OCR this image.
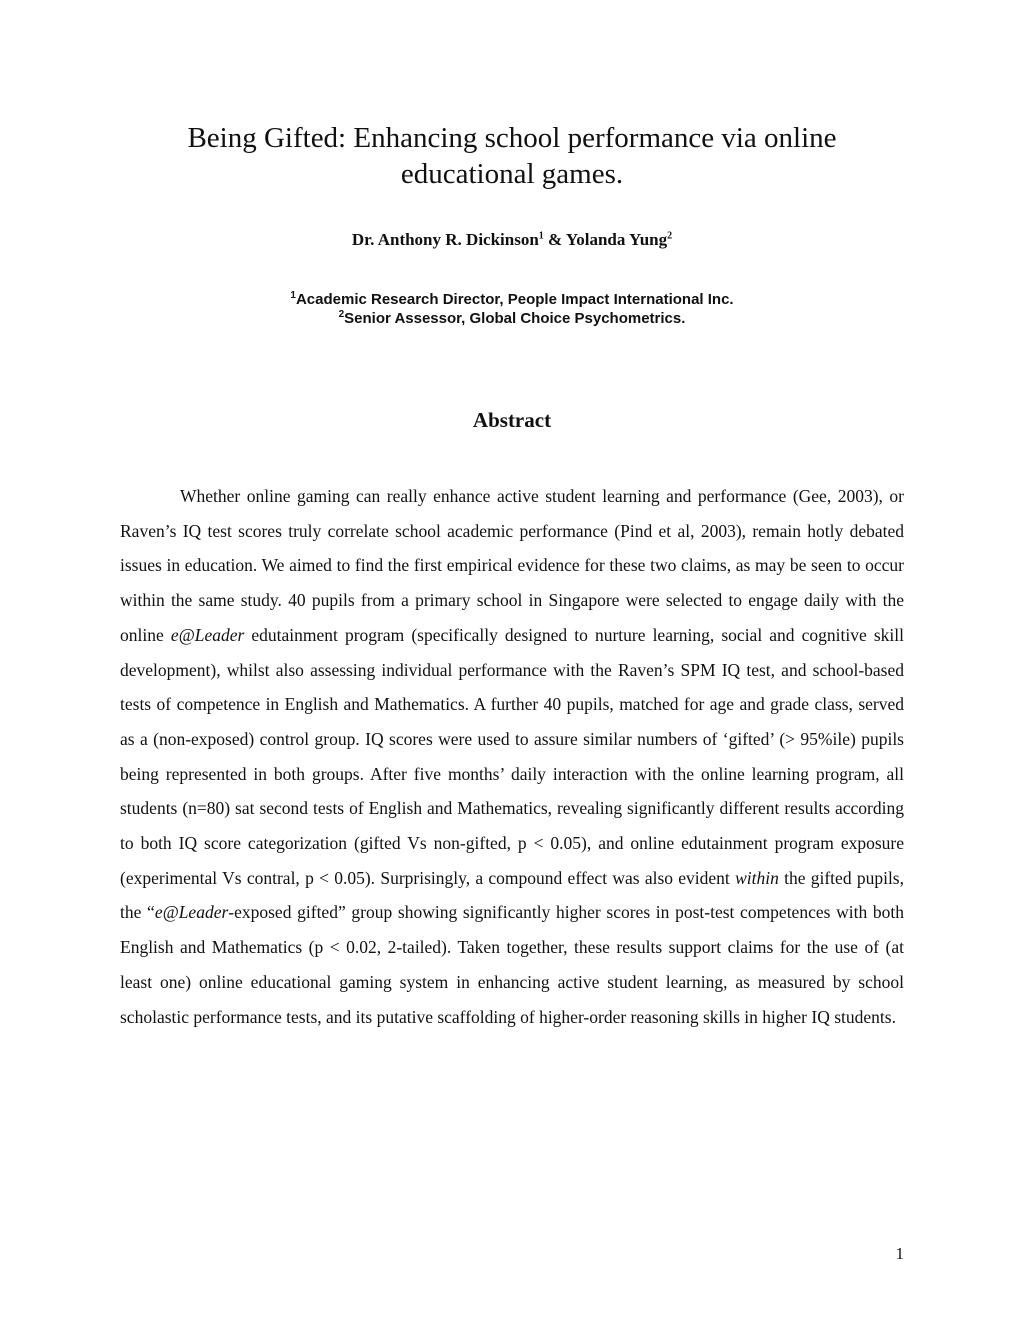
Being Gifted: Enhancing school performance via online
educational games.

Dr. Anthony R. Dickinson$^1$ & Yolanda Yung$^2$

$^1$Academic Research Director, People Impact International Inc.
$^2$Senior Assessor, Global Choice Psychometrics.

Abstract

Whether online gaming can really enhance active student learning and performance (Gee, 2003), or Raven’s IQ test scores truly correlate school academic performance (Pind et al, 2003), remain hotly debated issues in education. We aimed to find the first empirical evidence for these two claims, as may be seen to occur within the same study. 40 pupils from a primary school in Singapore were selected to engage daily with the online e@Leader edutainment program (specifically designed to nurture learning, social and cognitive skill development), whilst also assessing individual performance with the Raven’s SPM IQ test, and school-based tests of competence in English and Mathematics. A further 40 pupils, matched for age and grade class, served as a (non-exposed) control group. IQ scores were used to assure similar numbers of ‘gifted’ (> 95%ile) pupils being represented in both groups. After five months’ daily interaction with the online learning program, all students (n=80) sat second tests of English and Mathematics, revealing significantly different results according to both IQ score categorization (gifted Vs non-gifted, p < 0.05), and online edutainment program exposure (experimental Vs contral, p < 0.05). Surprisingly, a compound effect was also evident within the gifted pupils, the “e@Leader-exposed gifted” group showing significantly higher scores in post-test competences with both English and Mathematics (p < 0.02, 2-tailed). Taken together, these results support claims for the use of (at least one) online educational gaming system in enhancing active student learning, as measured by school scholastic performance tests, and its putative scaffolding of higher-order reasoning skills in higher IQ students.

1
